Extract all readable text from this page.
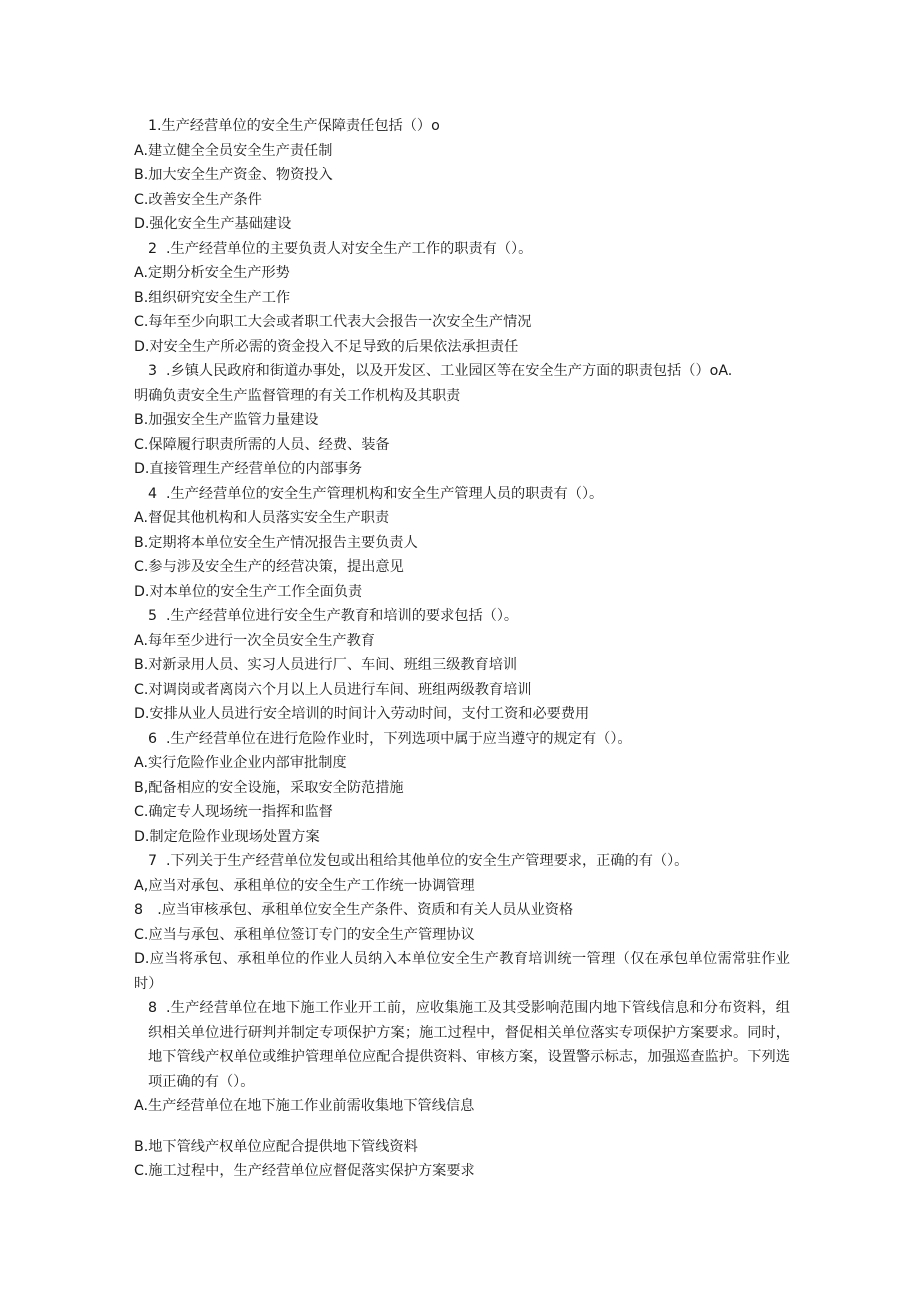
1.生产经营单位的安全生产保障责任包括（）o
A.建立健全全员安全生产责任制
B.加大安全生产资金、物资投入
C.改善安全生产条件
D.强化安全生产基础建设
2 .生产经营单位的主要负责人对安全生产工作的职责有（）。
A.定期分析安全生产形势
B.组织研究安全生产工作
C.每年至少向职工大会或者职工代表大会报告一次安全生产情况
D.对安全生产所必需的资金投入不足导致的后果依法承担责任
3 .乡镇人民政府和街道办事处，以及开发区、工业园区等在安全生产方面的职责包括（）oA.
明确负责安全生产监督管理的有关工作机构及其职责
B.加强安全生产监管力量建设
C.保障履行职责所需的人员、经费、装备
D.直接管理生产经营单位的内部事务
4 .生产经营单位的安全生产管理机构和安全生产管理人员的职责有（）。
A.督促其他机构和人员落实安全生产职责
B.定期将本单位安全生产情况报告主要负责人
C.参与涉及安全生产的经营决策，提出意见
D.对本单位的安全生产工作全面负责
5 .生产经营单位进行安全生产教育和培训的要求包括（）。
A.每年至少进行一次全员安全生产教育
B.对新录用人员、实习人员进行厂、车间、班组三级教育培训
C.对调岗或者离岗六个月以上人员进行车间、班组两级教育培训
D.安排从业人员进行安全培训的时间计入劳动时间，支付工资和必要费用
6 .生产经营单位在进行危险作业时，下列选项中属于应当遵守的规定有（）。
A.实行危险作业企业内部审批制度
B,配备相应的安全设施，采取安全防范措施
C.确定专人现场统一指挥和监督
D.制定危险作业现场处置方案
7 .下列关于生产经营单位发包或出租给其他单位的安全生产管理要求，正确的有（）。
A,应当对承包、承租单位的安全生产工作统一协调管理
8　.应当审核承包、承租单位安全生产条件、资质和有关人员从业资格
C.应当与承包、承租单位签订专门的安全生产管理协议
D.应当将承包、承租单位的作业人员纳入本单位安全生产教育培训统一管理（仅在承包单位需常驻作业时）
8 .生产经营单位在地下施工作业开工前，应收集施工及其受影响范围内地下管线信息和分布资料，组织相关单位进行研判并制定专项保护方案；施工过程中，督促相关单位落实专项保护方案要求。同时，地下管线产权单位或维护管理单位应配合提供资料、审核方案，设置警示标志，加强巡查监护。下列选项正确的有（）。
A.生产经营单位在地下施工作业前需收集地下管线信息
B.地下管线产权单位应配合提供地下管线资料
C.施工过程中，生产经营单位应督促落实保护方案要求
